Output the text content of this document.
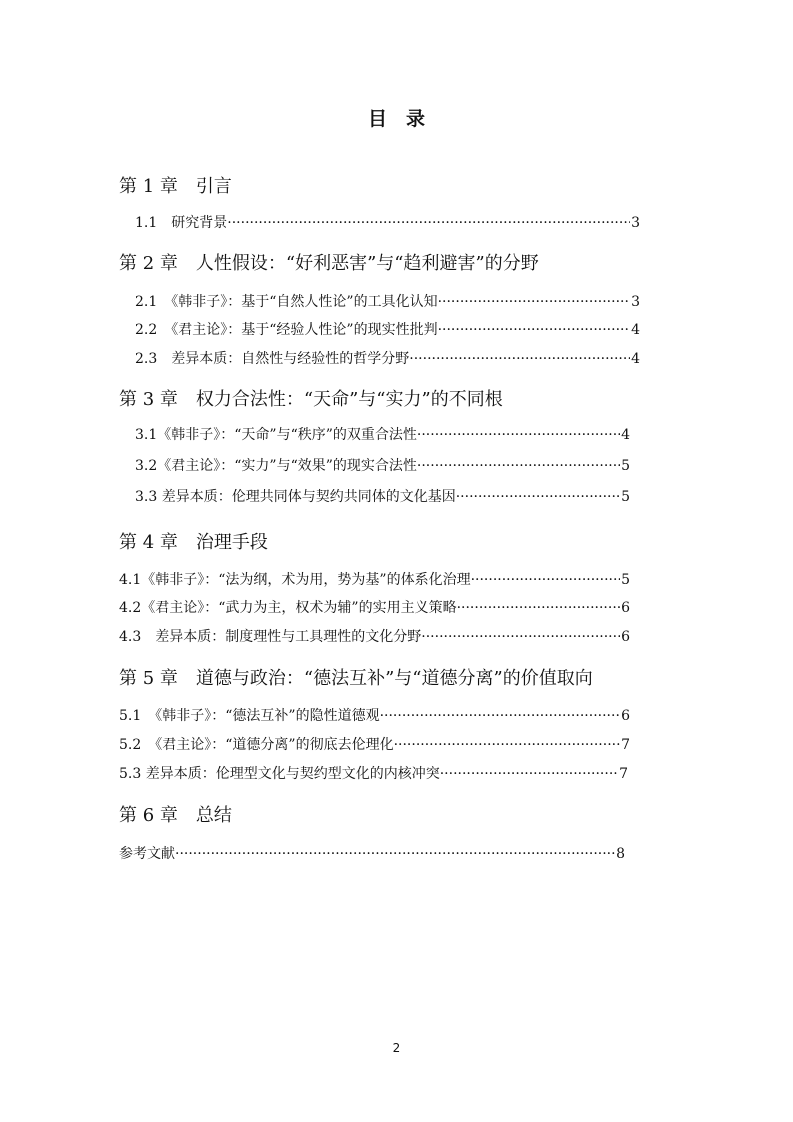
目　录
第 1 章　引言
1.1　研究背景 ·····	3
第 2 章　人性假设：“好利恶害”与“趋利避害”的分野
2.1　《韩非子》：基于“自然人性论”的工具化认知 ·····	3
2.2　《君主论》：基于“经验人性论”的现实性批判 ·····	4
2.3　差异本质：自然性与经验性的哲学分野 ·····	4
第 3 章　权力合法性：“天命”与“实力”的不同根
3.1《韩非子》：“天命”与“秩序”的双重合法性 ·····	4
3.2《君主论》：“实力”与“效果”的现实合法性 ·····	5
3.3 差异本质：伦理共同体与契约共同体的文化基因 ·····	5
第 4 章　治理手段
4.1《韩非子》：“法为纲，术为用，势为基”的体系化治理 ·····	5
4.2《君主论》：“武力为主，权术为辅”的实用主义策略 ·····	6
4.3　差异本质：制度理性与工具理性的文化分野 ·····	6
第 5 章　道德与政治：“德法互补”与“道德分离”的价值取向
5.1　《韩非子》：“德法互补”的隐性道德观 ·····	6
5.2　《君主论》：“道德分离”的彻底去伦理化 ·····	7
5.3 差异本质：伦理型文化与契约型文化的内核冲突 ·····	7
第 6 章　总结
参考文献 ·····	8
2
